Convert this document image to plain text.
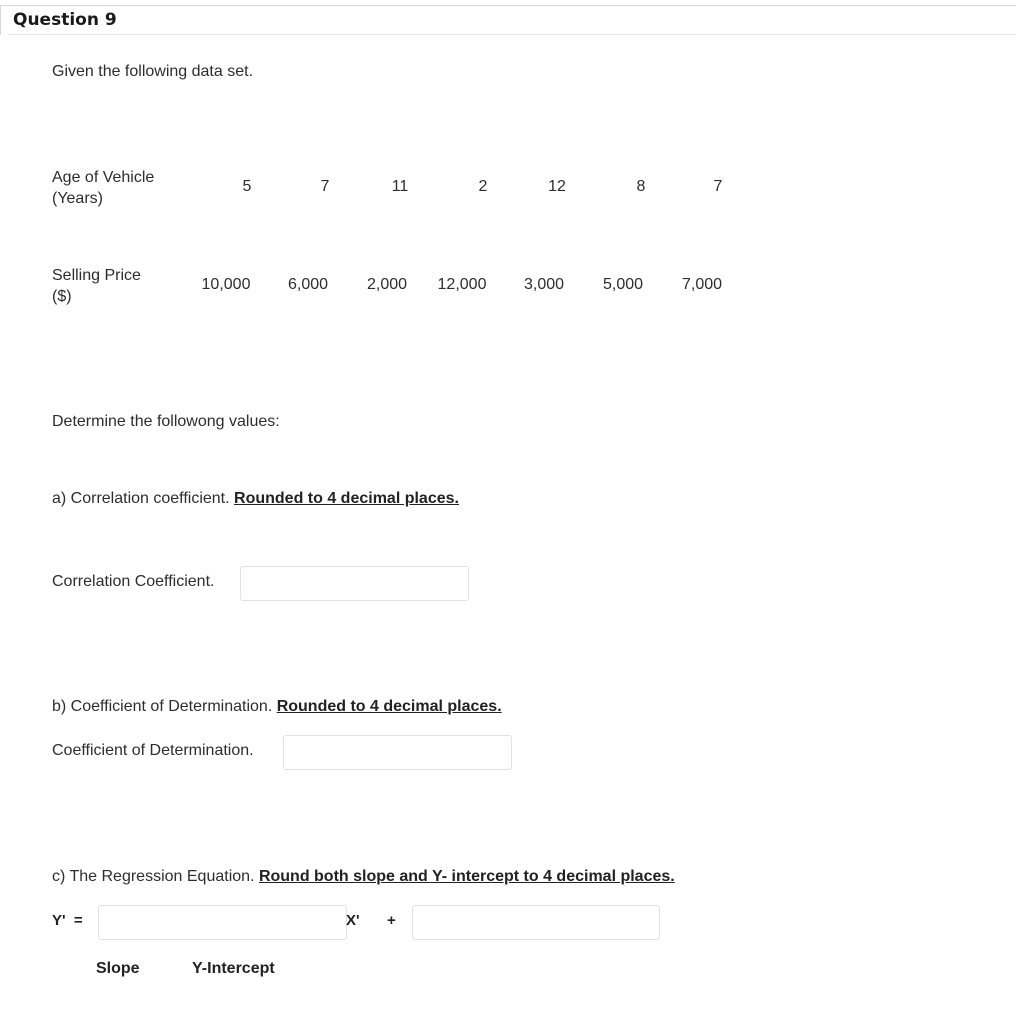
Question 9
Given the following data set.
Age of Vehicle
(Years)
5	7	11	2	12	8	7
Selling Price
($)
10,000	6,000	2,000	12,000	3,000	5,000	7,000
Determine the followong values:
a) Correlation coefficient. Rounded to 4 decimal places.
Correlation Coefficient.
b) Coefficient of Determination. Rounded to 4 decimal places.
Coefficient of Determination.
c) The Regression Equation. Round both slope and Y- intercept to 4 decimal places.
Y'  =	X' +
Slope	Y-Intercept
